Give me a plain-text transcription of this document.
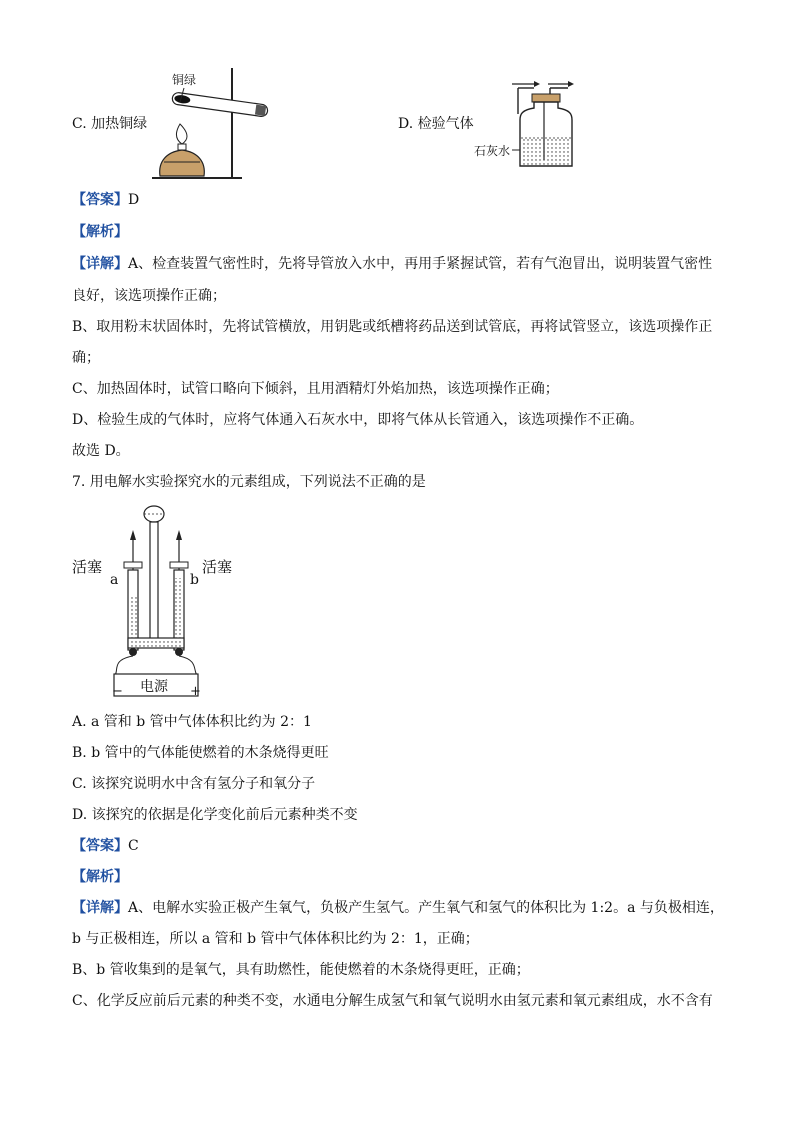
C. 加热铜绿
铜绿
D. 检验气体
石灰水
【答案】D
【解析】
【详解】A、检查装置气密性时，先将导管放入水中，再用手紧握试管，若有气泡冒出，说明装置气密性
良好，该选项操作正确；
B、取用粉末状固体时，先将试管横放，用钥匙或纸槽将药品送到试管底，再将试管竖立，该选项操作正
确；
C、加热固体时，试管口略向下倾斜，且用酒精灯外焰加热，该选项操作正确；
D、检验生成的气体时，应将气体通入石灰水中，即将气体从长管通入，该选项操作不正确。
故选 D。
7. 用电解水实验探究水的元素组成，下列说法不正确的是
活塞	活塞
a	b
电源
−	+
A. a 管和 b 管中气体体积比约为 2：1
B. b 管中的气体能使燃着的木条烧得更旺
C. 该探究说明水中含有氢分子和氧分子
D. 该探究的依据是化学变化前后元素种类不变
【答案】C
【解析】
【详解】A、电解水实验正极产生氧气，负极产生氢气。产生氧气和氢气的体积比为 1:2。a 与负极相连，
b 与正极相连，所以 a 管和 b 管中气体体积比约为 2：1，正确；
B、b 管收集到的是氧气，具有助燃性，能使燃着的木条烧得更旺，正确；
C、化学反应前后元素的种类不变，水通电分解生成氢气和氧气说明水由氢元素和氧元素组成，水不含有
